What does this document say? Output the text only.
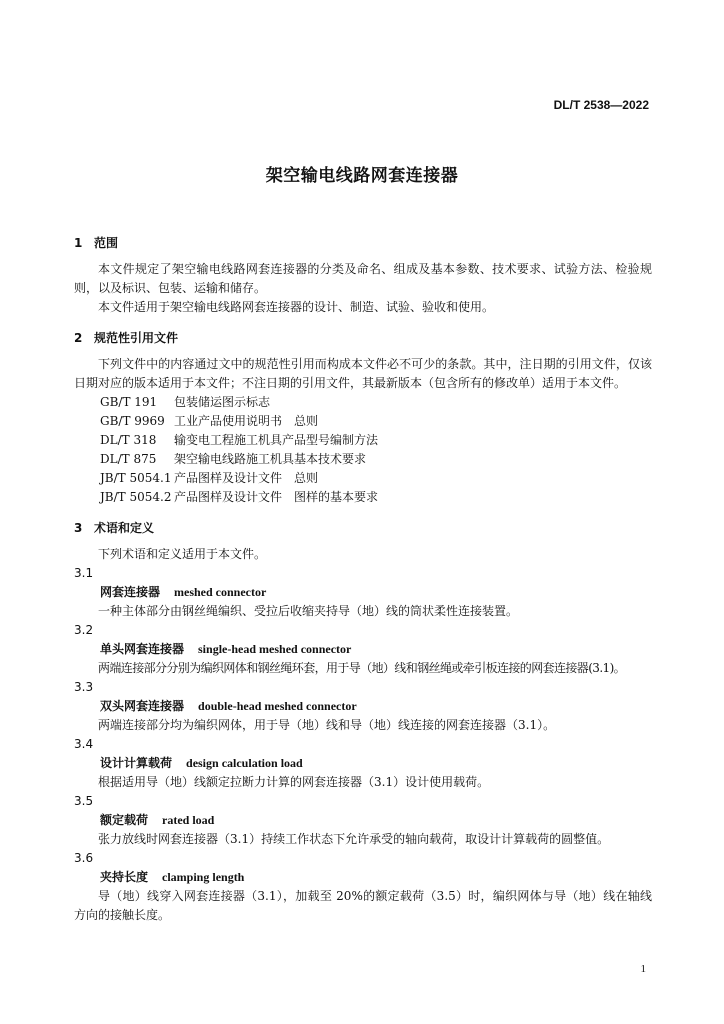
DL/T 2538—2022
架空输电线路网套连接器
1 范围

本文件规定了架空输电线路网套连接器的分类及命名、组成及基本参数、技术要求、试验方法、检验规则，以及标识、包装、运输和储存。

本文件适用于架空输电线路网套连接器的设计、制造、试验、验收和使用。

2 规范性引用文件

下列文件中的内容通过文中的规范性引用而构成本文件必不可少的条款。其中，注日期的引用文件，仅该日期对应的版本适用于本文件；不注日期的引用文件，其最新版本（包含所有的修改单）适用于本文件。

GB/T 191 包装储运图示标志
GB/T 9969 工业产品使用说明书　总则
DL/T 318 输变电工程施工机具产品型号编制方法
DL/T 875 架空输电线路施工机具基本技术要求
JB/T 5054.1 产品图样及设计文件　总则
JB/T 5054.2 产品图样及设计文件　图样的基本要求
3 术语和定义

下列术语和定义适用于本文件。

3.1

网套连接器 meshed connector

一种主体部分由钢丝绳编织、受拉后收缩夹持导（地）线的筒状柔性连接装置。

3.2

单头网套连接器 single-head meshed connector

两端连接部分分别为编织网体和钢丝绳环套，用于导（地）线和钢丝绳或牵引板连接的网套连接器(3.1)。

3.3

双头网套连接器 double-head meshed connector

两端连接部分均为编织网体，用于导（地）线和导（地）线连接的网套连接器（3.1）。

3.4

设计计算载荷 design calculation load

根据适用导（地）线额定拉断力计算的网套连接器（3.1）设计使用载荷。

3.5

额定载荷 rated load

张力放线时网套连接器（3.1）持续工作状态下允许承受的轴向载荷，取设计计算载荷的圆整值。

3.6

夹持长度 clamping length

导（地）线穿入网套连接器（3.1），加载至 20%的额定载荷（3.5）时，编织网体与导（地）线在轴线方向的接触长度。

1
